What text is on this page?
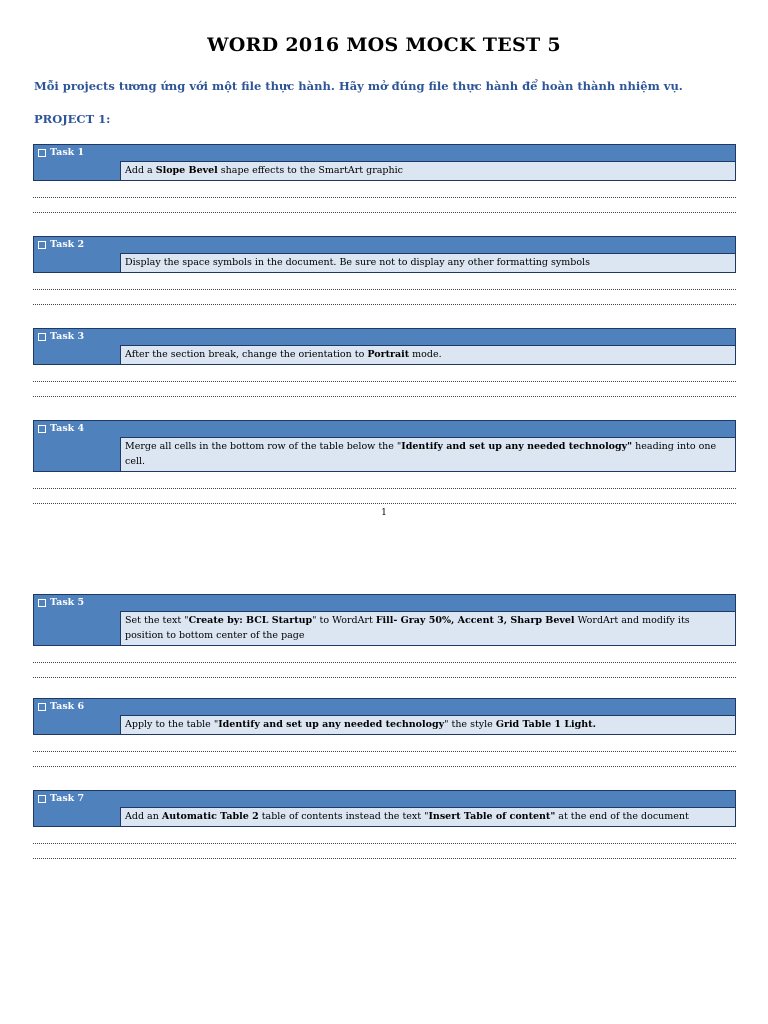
WORD 2016 MOS MOCK TEST 5
Mỗi projects tương ứng với một file thực hành. Hãy mở đúng file thực hành để hoàn thành nhiệm vụ.
PROJECT 1:
1
Task 1
Add a Slope Bevel shape effects to the SmartArt graphic
Task 2
Display the space symbols in the document. Be sure not to display any other formatting symbols
Task 3
After the section break, change the orientation to Portrait mode.
Task 4
Merge all cells in the bottom row of the table below the "Identify and set up any needed technology" heading into one cell.
Task 5
Set the text "Create by: BCL Startup" to WordArt Fill- Gray 50%, Accent 3, Sharp Bevel WordArt and modify its position to bottom center of the page
Task 6
Apply to the table "Identify and set up any needed technology" the style Grid Table 1 Light.
Task 7
Add an Automatic Table 2 table of contents instead the text "Insert Table of content" at the end of the document
